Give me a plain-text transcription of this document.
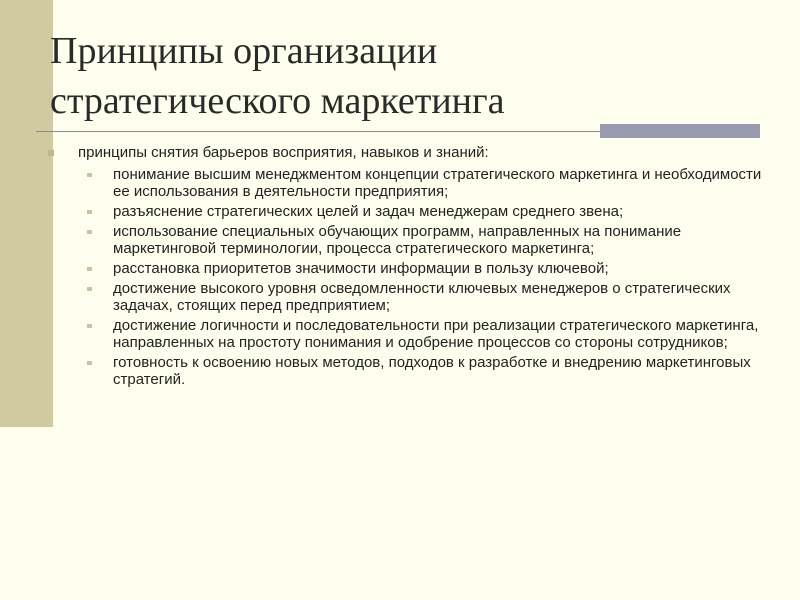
Принципы организации
стратегического маркетинга
принципы снятия барьеров восприятия, навыков и знаний:
понимание высшим менеджментом концепции стратегического маркетинга и необходимости ее использования в деятельности предприятия;
разъяснение стратегических целей и задач менеджерам среднего звена;
использование специальных обучающих программ, направленных на понимание маркетинговой терминологии, процесса стратегического маркетинга;
расстановка приоритетов значимости информации в пользу ключевой;
достижение высокого уровня осведомленности ключевых менеджеров о стратегических задачах, стоящих перед предприятием;
достижение логичности и последовательности при реализации стратегического маркетинга, направленных на простоту понимания и одобрение процессов со стороны сотрудников;
готовность к освоению новых методов, подходов к разработке и внедрению маркетинговых стратегий.
